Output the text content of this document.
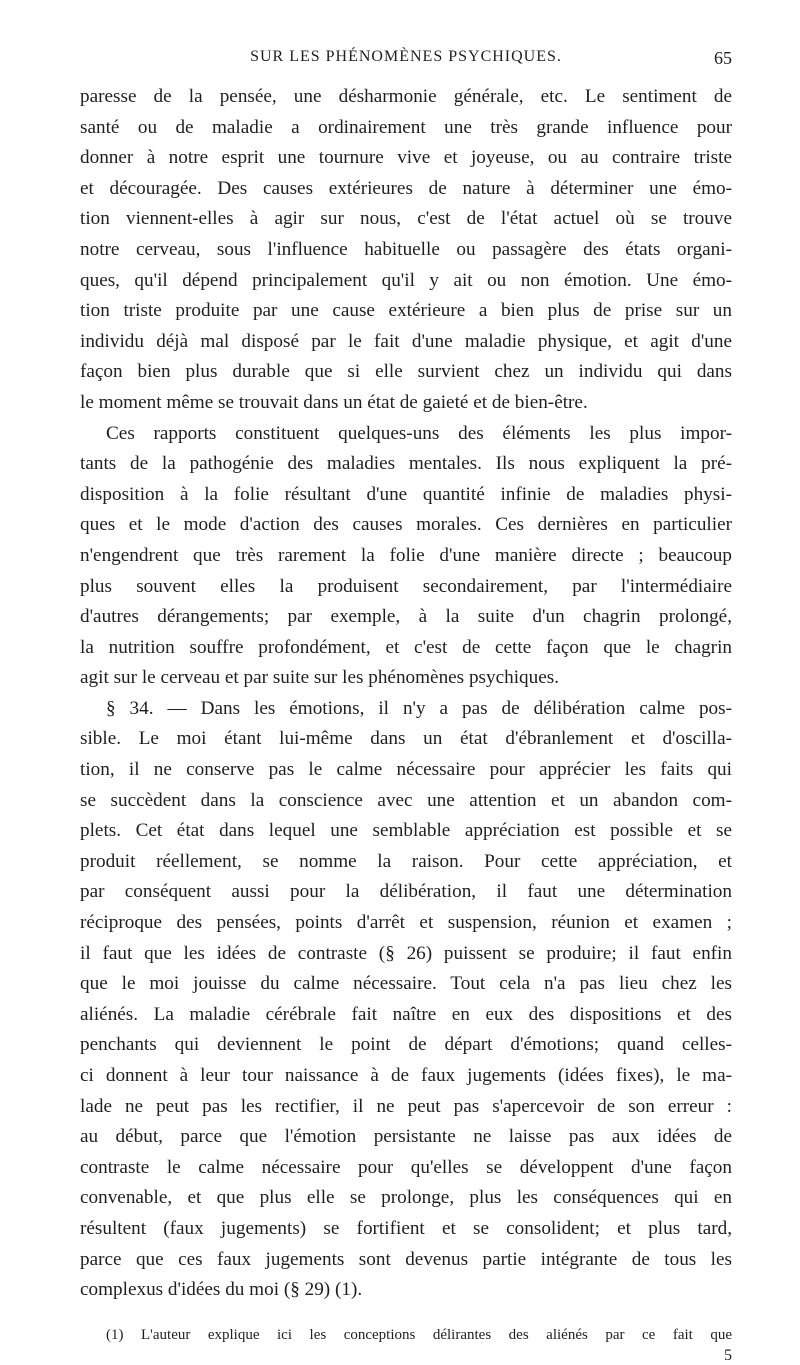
SUR LES PHÉNOMÈNES PSYCHIQUES.	65
paresse de la pensée, une désharmonie générale, etc. Le sentiment de
santé ou de maladie a ordinairement une très grande influence pour
donner à notre esprit une tournure vive et joyeuse, ou au contraire triste
et découragée. Des causes extérieures de nature à déterminer une émo-
tion viennent-elles à agir sur nous, c'est de l'état actuel où se trouve
notre cerveau, sous l'influence habituelle ou passagère des états organi-
ques, qu'il dépend principalement qu'il y ait ou non émotion. Une émo-
tion triste produite par une cause extérieure a bien plus de prise sur un
individu déjà mal disposé par le fait d'une maladie physique, et agit d'une
façon bien plus durable que si elle survient chez un individu qui dans
le moment même se trouvait dans un état de gaieté et de bien-être.
Ces rapports constituent quelques-uns des éléments les plus impor-
tants de la pathogénie des maladies mentales. Ils nous expliquent la pré-
disposition à la folie résultant d'une quantité infinie de maladies physi-
ques et le mode d'action des causes morales. Ces dernières en particulier
n'engendrent que très rarement la folie d'une manière directe ; beaucoup
plus souvent elles la produisent secondairement, par l'intermédiaire
d'autres dérangements; par exemple, à la suite d'un chagrin prolongé,
la nutrition souffre profondément, et c'est de cette façon que le chagrin
agit sur le cerveau et par suite sur les phénomènes psychiques.
§ 34. — Dans les émotions, il n'y a pas de délibération calme pos-
sible. Le moi étant lui-même dans un état d'ébranlement et d'oscilla-
tion, il ne conserve pas le calme nécessaire pour apprécier les faits qui
se succèdent dans la conscience avec une attention et un abandon com-
plets. Cet état dans lequel une semblable appréciation est possible et se
produit réellement, se nomme la raison. Pour cette appréciation, et
par conséquent aussi pour la délibération, il faut une détermination
réciproque des pensées, points d'arrêt et suspension, réunion et examen ;
il faut que les idées de contraste (§ 26) puissent se produire; il faut enfin
que le moi jouisse du calme nécessaire. Tout cela n'a pas lieu chez les
aliénés. La maladie cérébrale fait naître en eux des dispositions et des
penchants qui deviennent le point de départ d'émotions; quand celles-
ci donnent à leur tour naissance à de faux jugements (idées fixes), le ma-
lade ne peut pas les rectifier, il ne peut pas s'apercevoir de son erreur :
au début, parce que l'émotion persistante ne laisse pas aux idées de
contraste le calme nécessaire pour qu'elles se développent d'une façon
convenable, et que plus elle se prolonge, plus les conséquences qui en
résultent (faux jugements) se fortifient et se consolident; et plus tard,
parce que ces faux jugements sont devenus partie intégrante de tous les
complexus d'idées du moi (§ 29) (1).
(1) L'auteur explique ici les conceptions délirantes des aliénés par ce fait que
5
